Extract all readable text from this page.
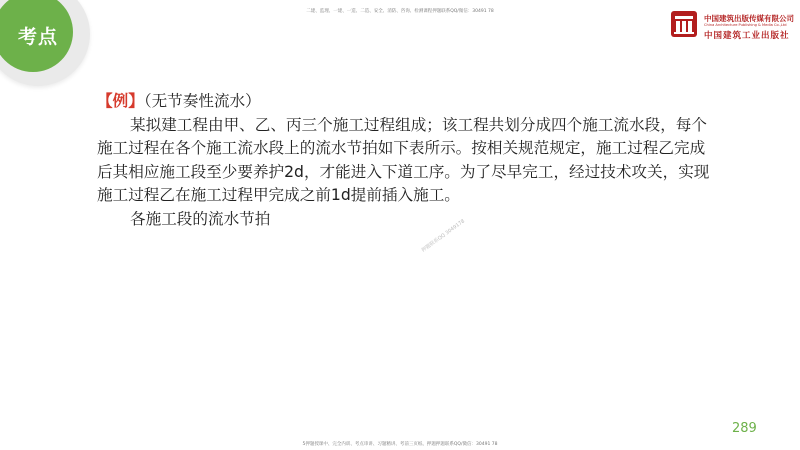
考点
二建、监理、一建、一造、二造、安全、消防、咨询、检测课程押题联系QQ/微信：30491 78
中国建筑出版传媒有限公司
China Architecture Publishing & Media Co.,Ltd
中国建筑工业出版社
【例】（无节奏性流水）
某拟建工程由甲、乙、丙三个施工过程组成；该工程共划分成四个施工流水段，每个
施工过程在各个施工流水段上的流水节拍如下表所示。按相关规范规定，施工过程乙完成
后其相应施工段至少要养护2d，才能进入下道工序。为了尽早完工，经过技术攻关，实现
施工过程乙在施工过程甲完成之前1d提前插入施工。
各施工段的流水节拍	押题联系QQ 3049178
5押题授课中、完全内训、考点串讲、习题精讲、考前三页纸、押题押题联系QQ/微信：30491 78
289
